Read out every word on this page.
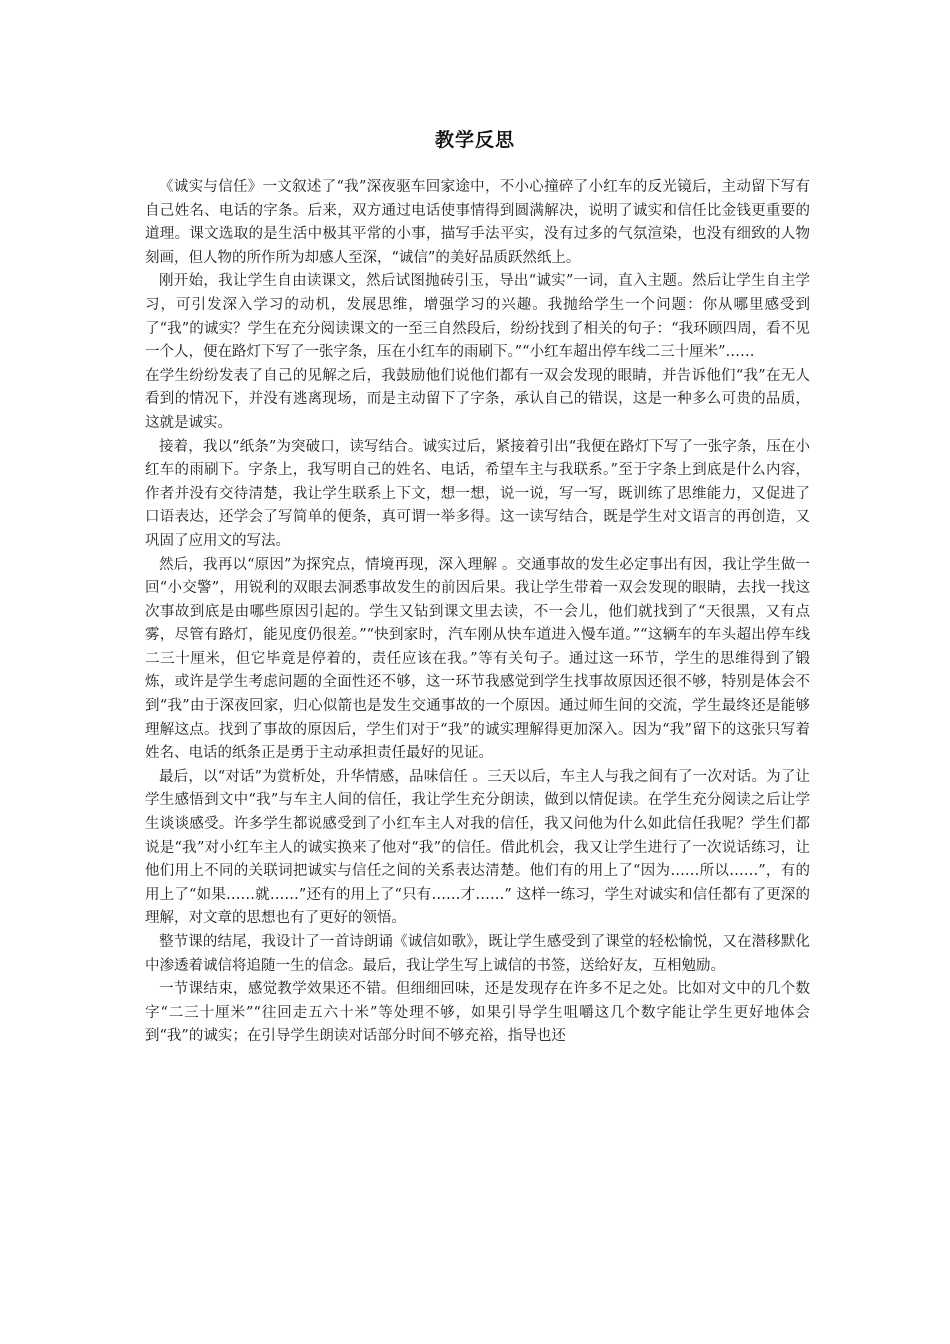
教学反思

《诚实与信任》一文叙述了“我”深夜驱车回家途中，不小心撞碎了小红车的反光镜后，主动留下写有自己姓名、电话的字条。后来，双方通过电话使事情得到圆满解决，说明了诚实和信任比金钱更重要的道理。课文选取的是生活中极其平常的小事，描写手法平实，没有过多的气氛渲染，也没有细致的人物刻画，但人物的所作所为却感人至深，“诚信”的美好品质跃然纸上。

刚开始，我让学生自由读课文，然后试图抛砖引玉，导出“诚实”一词，直入主题。然后让学生自主学习，可引发深入学习的动机，发展思维，增强学习的兴趣。我抛给学生一个问题：你从哪里感受到了“我”的诚实？学生在充分阅读课文的一至三自然段后，纷纷找到了相关的句子：“我环顾四周，看不见一个人，便在路灯下写了一张字条，压在小红车的雨刷下。”“小红车超出停车线二三十厘米”……

在学生纷纷发表了自己的见解之后，我鼓励他们说他们都有一双会发现的眼睛，并告诉他们“我”在无人看到的情况下，并没有逃离现场，而是主动留下了字条，承认自己的错误，这是一种多么可贵的品质，这就是诚实。

接着，我以“纸条”为突破口，读写结合。诚实过后，紧接着引出“我便在路灯下写了一张字条，压在小红车的雨刷下。字条上，我写明自己的姓名、电话，希望车主与我联系。”至于字条上到底是什么内容，作者并没有交待清楚，我让学生联系上下文，想一想，说一说，写一写，既训练了思维能力，又促进了口语表达，还学会了写简单的便条，真可谓一举多得。这一读写结合，既是学生对文语言的再创造，又巩固了应用文的写法。

然后，我再以“原因”为探究点，情境再现，深入理解 。交通事故的发生必定事出有因，我让学生做一回“小交警”，用锐利的双眼去洞悉事故发生的前因后果。我让学生带着一双会发现的眼睛，去找一找这次事故到底是由哪些原因引起的。学生又钻到课文里去读，不一会儿，他们就找到了“天很黑，又有点雾，尽管有路灯，能见度仍很差。”“快到家时，汽车刚从快车道进入慢车道。”“这辆车的车头超出停车线二三十厘米，但它毕竟是停着的，责任应该在我。”等有关句子。通过这一环节，学生的思维得到了锻炼，或许是学生考虑问题的全面性还不够，这一环节我感觉到学生找事故原因还很不够，特别是体会不到“我”由于深夜回家，归心似箭也是发生交通事故的一个原因。通过师生间的交流，学生最终还是能够理解这点。找到了事故的原因后，学生们对于“我”的诚实理解得更加深入。因为“我”留下的这张只写着姓名、电话的纸条正是勇于主动承担责任最好的见证。

最后，以“对话”为赏析处，升华情感，品味信任 。三天以后，车主人与我之间有了一次对话。为了让学生感悟到文中“我”与车主人间的信任，我让学生充分朗读，做到以情促读。在学生充分阅读之后让学生谈谈感受。许多学生都说感受到了小红车主人对我的信任，我又问他为什么如此信任我呢？学生们都说是“我”对小红车主人的诚实换来了他对“我”的信任。借此机会，我又让学生进行了一次说话练习，让他们用上不同的关联词把诚实与信任之间的关系表达清楚。他们有的用上了“因为……所以……”，有的用上了“如果……就……”还有的用上了“只有……才……” 这样一练习，学生对诚实和信任都有了更深的理解，对文章的思想也有了更好的领悟。

整节课的结尾，我设计了一首诗朗诵《诚信如歌》，既让学生感受到了课堂的轻松愉悦，又在潜移默化中渗透着诚信将追随一生的信念。最后，我让学生写上诚信的书签，送给好友，互相勉励。

一节课结束，感觉教学效果还不错。但细细回味，还是发现存在许多不足之处。比如对文中的几个数字“二三十厘米”“往回走五六十米”等处理不够，如果引导学生咀嚼这几个数字能让学生更好地体会到“我”的诚实；在引导学生朗读对话部分时间不够充裕，指导也还
